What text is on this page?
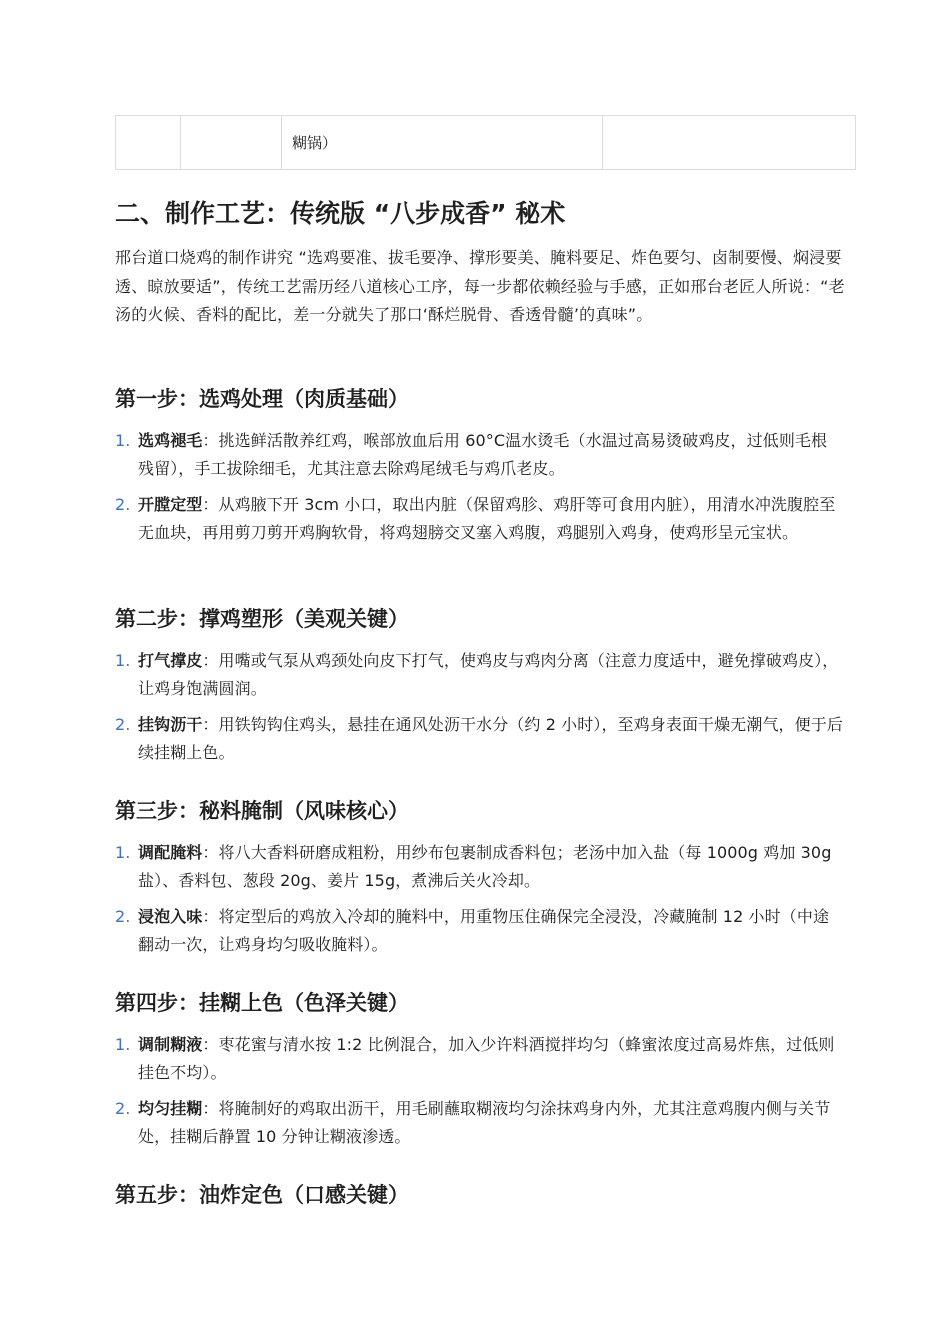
		糊锅）	
二、制作工艺：传统版 “八步成香” 秘术

邢台道口烧鸡的制作讲究 “选鸡要准、拔毛要净、撑形要美、腌料要足、炸色要匀、卤制要慢、焖浸要透、晾放要适”，传统工艺需历经八道核心工序，每一步都依赖经验与手感，正如邢台老匠人所说：“老汤的火候、香料的配比，差一分就失了那口‘酥烂脱骨、香透骨髓’的真味”。

第一步：选鸡处理（肉质基础）
1. 选鸡褪毛：挑选鲜活散养红鸡，喉部放血后用 60°C温水烫毛（水温过高易烫破鸡皮，过低则毛根残留），手工拔除细毛，尤其注意去除鸡尾绒毛与鸡爪老皮。
2. 开膛定型：从鸡腋下开 3cm 小口，取出内脏（保留鸡胗、鸡肝等可食用内脏），用清水冲洗腹腔至无血块，再用剪刀剪开鸡胸软骨，将鸡翅膀交叉塞入鸡腹，鸡腿别入鸡身，使鸡形呈元宝状。
第二步：撑鸡塑形（美观关键）
1. 打气撑皮：用嘴或气泵从鸡颈处向皮下打气，使鸡皮与鸡肉分离（注意力度适中，避免撑破鸡皮），让鸡身饱满圆润。
2. 挂钩沥干：用铁钩钩住鸡头，悬挂在通风处沥干水分（约 2 小时），至鸡身表面干燥无潮气，便于后续挂糊上色。
第三步：秘料腌制（风味核心）
1. 调配腌料：将八大香料研磨成粗粉，用纱布包裹制成香料包；老汤中加入盐（每 1000g 鸡加 30g 盐）、香料包、葱段 20g、姜片 15g，煮沸后关火冷却。
2. 浸泡入味：将定型后的鸡放入冷却的腌料中，用重物压住确保完全浸没，冷藏腌制 12 小时（中途翻动一次，让鸡身均匀吸收腌料）。
第四步：挂糊上色（色泽关键）
1. 调制糊液：枣花蜜与清水按 1:2 比例混合，加入少许料酒搅拌均匀（蜂蜜浓度过高易炸焦，过低则挂色不均）。
2. 均匀挂糊：将腌制好的鸡取出沥干，用毛刷蘸取糊液均匀涂抹鸡身内外，尤其注意鸡腹内侧与关节处，挂糊后静置 10 分钟让糊液渗透。
第五步：油炸定色（口感关键）
